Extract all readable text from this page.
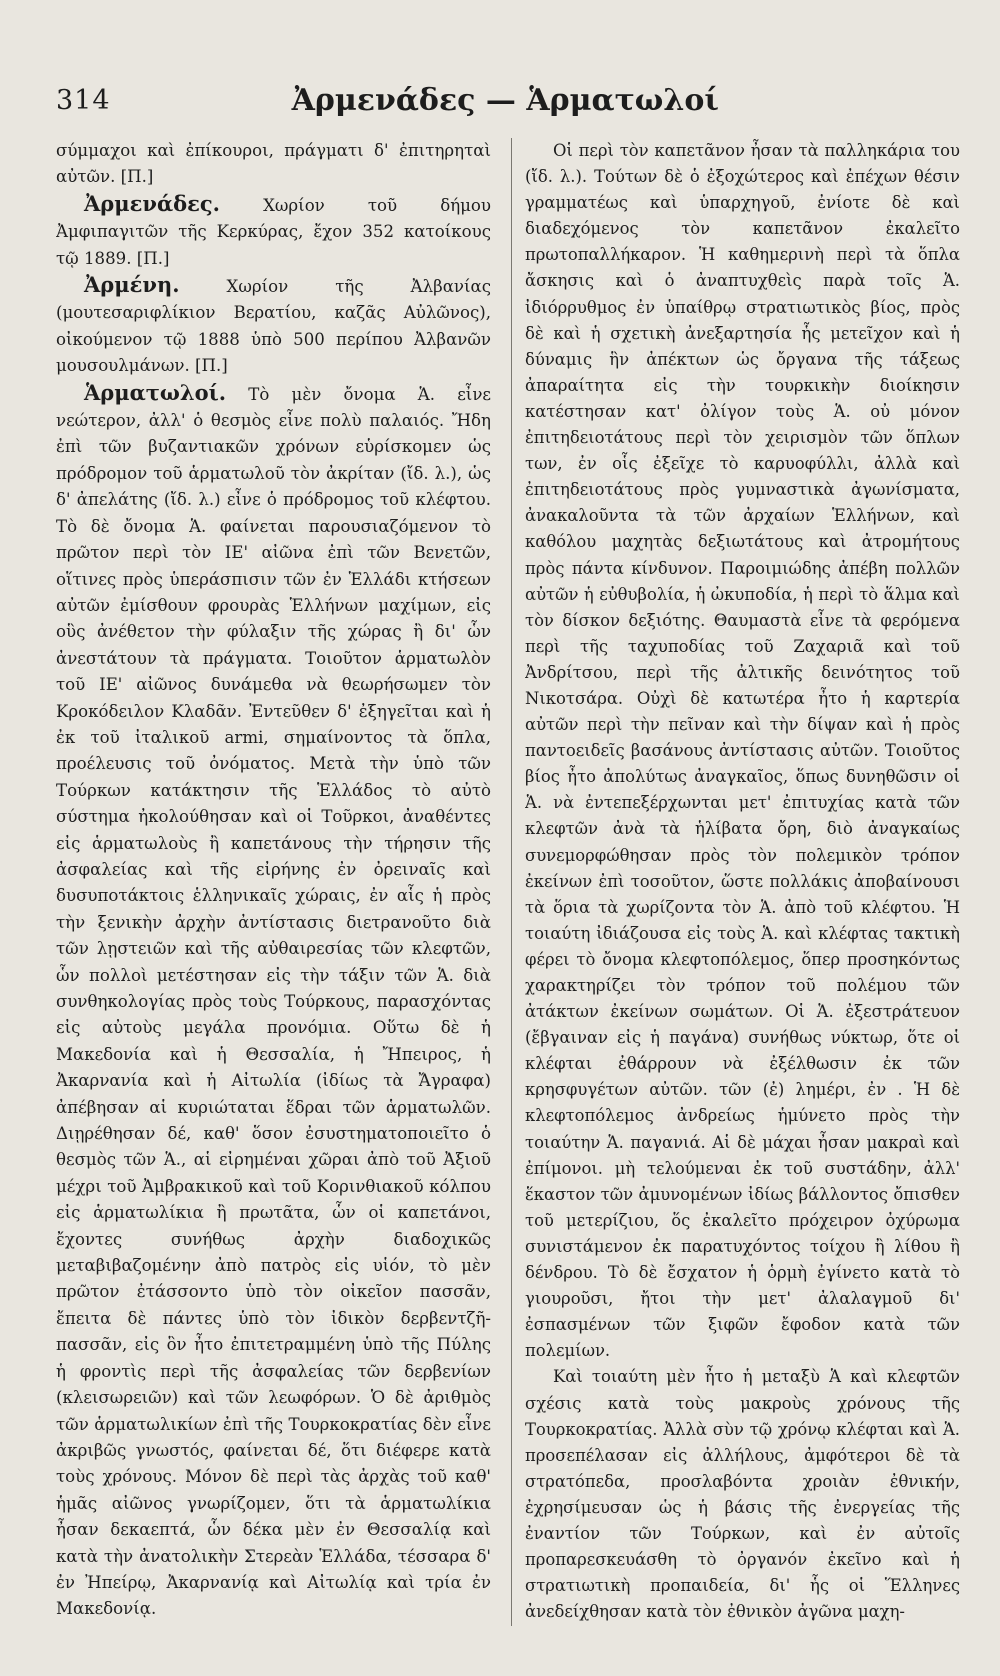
314	Ἀρμενάδες — Ἁρματωλοί

σύμμαχοι καὶ ἐπίκουροι, πράγματι δ' ἐπιτηρηταὶ αὐτῶν. [Π.]

Ἀρμενάδες. Χωρίον τοῦ δήμου Ἀμφιπαγιτῶν τῆς Κερκύρας, ἔχον 352 κατοίκους τῷ 1889. [Π.]

Ἀρμένη. Χωρίον τῆς Ἀλβανίας (μουτεσαριφλίκιον Βερατίου, καζᾶς Αὐλῶνος), οἰκούμενον τῷ 1888 ὑπὸ 500 περίπου Ἀλβανῶν μουσουλμάνων. [Π.]

Ἁρματωλοί. Τὸ μὲν ὄνομα Ἁ. εἶνε νεώτερον, ἀλλ' ὁ θεσμὸς εἶνε πολὺ παλαιός. Ἤδη ἐπὶ τῶν βυζαντιακῶν χρόνων εὑρίσκομεν ὡς πρόδρομον τοῦ ἁρματωλοῦ τὸν ἀκρίταν (ἴδ. λ.), ὡς δ' ἀπελάτης (ἴδ. λ.) εἶνε ὁ πρόδρομος τοῦ κλέφτου. Τὸ δὲ ὄνομα Ἁ. φαίνεται παρουσιαζόμενον τὸ πρῶτον περὶ τὸν ΙΕ' αἰῶνα ἐπὶ τῶν Βενετῶν, οἵτινες πρὸς ὑπεράσπισιν τῶν ἐν Ἑλλάδι κτήσεων αὐτῶν ἐμίσθουν φρουρὰς Ἑλλήνων μαχίμων, εἰς οὓς ἀνέθετον τὴν φύλαξιν τῆς χώρας ἢ δι' ὧν ἀνεστάτουν τὰ πράγματα. Τοιοῦτον ἁρματωλὸν τοῦ ΙΕ' αἰῶνος δυνάμεθα νὰ θεωρήσωμεν τὸν Κροκόδειλον Κλαδᾶν. Ἐντεῦθεν δ' ἐξηγεῖται καὶ ἡ ἐκ τοῦ ἰταλικοῦ armi, σημαίνοντος τὰ ὅπλα, προέλευσις τοῦ ὀνόματος. Μετὰ τὴν ὑπὸ τῶν Τούρκων κατάκτησιν τῆς Ἑλλάδος τὸ αὐτὸ σύστημα ἠκολούθησαν καὶ οἱ Τοῦρκοι, ἀναθέντες εἰς ἁρματωλοὺς ἢ καπετάνους τὴν τήρησιν τῆς ἀσφαλείας καὶ τῆς εἰρήνης ἐν ὀρειναῖς καὶ δυσυποτάκτοις ἑλληνικαῖς χώραις, ἐν αἷς ἡ πρὸς τὴν ξενικὴν ἀρχὴν ἀντίστασις διετρανοῦτο διὰ τῶν λῃστειῶν καὶ τῆς αὐθαιρεσίας τῶν κλεφτῶν, ὧν πολλοὶ μετέστησαν εἰς τὴν τάξιν τῶν Ἁ. διὰ συνθηκολογίας πρὸς τοὺς Τούρκους, παρασχόντας εἰς αὐτοὺς μεγάλα προνόμια. Οὕτω δὲ ἡ Μακεδονία καὶ ἡ Θεσσαλία, ἡ Ἤπειρος, ἡ Ἀκαρνανία καὶ ἡ Αἰτωλία (ἰδίως τὰ Ἄγραφα) ἀπέβησαν αἱ κυριώταται ἕδραι τῶν ἁρματωλῶν. Διῃρέθησαν δέ, καθ' ὅσον ἐσυστηματοποιεῖτο ὁ θεσμὸς τῶν Ἁ., αἱ εἰρημέναι χῶραι ἀπὸ τοῦ Ἀξιοῦ μέχρι τοῦ Ἀμβρακικοῦ καὶ τοῦ Κορινθιακοῦ κόλπου εἰς ἁρματωλίκια ἢ πρωτᾶτα, ὧν οἱ καπετάνοι, ἔχοντες συνήθως ἀρχὴν διαδοχικῶς μεταβιβαζομένην ἀπὸ πατρὸς εἰς υἱόν, τὸ μὲν πρῶτον ἐτάσσοντο ὑπὸ τὸν οἰκεῖον πασσᾶν, ἔπειτα δὲ πάντες ὑπὸ τὸν ἰδικὸν δερβεντζῆ-πασσᾶν, εἰς ὃν ἦτο ἐπιτετραμμένη ὑπὸ τῆς Πύλης ἡ φροντὶς περὶ τῆς ἀσφαλείας τῶν δερβενίων (κλεισωρειῶν) καὶ τῶν λεωφόρων. Ὁ δὲ ἀριθμὸς τῶν ἁρματωλικίων ἐπὶ τῆς Τουρκοκρατίας δὲν εἶνε ἀκριβῶς γνωστός, φαίνεται δέ, ὅτι διέφερε κατὰ τοὺς χρόνους. Μόνον δὲ περὶ τὰς ἀρχὰς τοῦ καθ' ἡμᾶς αἰῶνος γνωρίζομεν, ὅτι τὰ ἁρματωλίκια ἦσαν δεκαεπτά, ὧν δέκα μὲν ἐν Θεσσαλίᾳ καὶ κατὰ τὴν ἀνατολικὴν Στερεὰν Ἑλλάδα, τέσσαρα δ' ἐν Ἠπείρῳ, Ἀκαρνανίᾳ καὶ Αἰτωλίᾳ καὶ τρία ἐν Μακεδονίᾳ.

Οἱ περὶ τὸν καπετᾶνον ἦσαν τὰ παλληκάρια του (ἴδ. λ.). Τούτων δὲ ὁ ἐξοχώτερος καὶ ἐπέχων θέσιν γραμματέως καὶ ὑπαρχηγοῦ, ἐνίοτε δὲ καὶ διαδεχόμενος τὸν καπετᾶνον ἐκαλεῖτο πρωτοπαλλήκαρον. Ἡ καθημερινὴ περὶ τὰ ὅπλα ἄσκησις καὶ ὁ ἀναπτυχθεὶς παρὰ τοῖς Ἁ. ἰδιόρρυθμος ἐν ὑπαίθρῳ στρατιωτικὸς βίος, πρὸς δὲ καὶ ἡ σχετικὴ ἀνεξαρτησία ἧς μετεῖχον καὶ ἡ δύναμις ἣν ἀπέκτων ὡς ὄργανα τῆς τάξεως ἀπαραίτητα εἰς τὴν τουρκικὴν διοίκησιν κατέστησαν κατ' ὀλίγον τοὺς Ἁ. οὐ μόνον ἐπιτηδειοτάτους περὶ τὸν χειρισμὸν τῶν ὅπλων των, ἐν οἷς ἐξεῖχε τὸ καρυοφύλλι, ἀλλὰ καὶ ἐπιτηδειοτάτους πρὸς γυμναστικὰ ἀγωνίσματα, ἀνακαλοῦντα τὰ τῶν ἀρχαίων Ἑλλήνων, καὶ καθόλου μαχητὰς δεξιωτάτους καὶ ἀτρομήτους πρὸς πάντα κίνδυνον. Παροιμιώδης ἀπέβη πολλῶν αὐτῶν ἡ εὐθυβολία, ἡ ὠκυποδία, ἡ περὶ τὸ ἅλμα καὶ τὸν δίσκον δεξιότης. Θαυμαστὰ εἶνε τὰ φερόμενα περὶ τῆς ταχυποδίας τοῦ Ζαχαριᾶ καὶ τοῦ Ἀνδρίτσου, περὶ τῆς ἀλτικῆς δεινότητος τοῦ Νικοτσάρα. Οὐχὶ δὲ κατωτέρα ἦτο ἡ καρτερία αὐτῶν περὶ τὴν πεῖναν καὶ τὴν δίψαν καὶ ἡ πρὸς παντοειδεῖς βασάνους ἀντίστασις αὐτῶν. Τοιοῦτος βίος ἦτο ἀπολύτως ἀναγκαῖος, ὅπως δυνηθῶσιν οἱ Ἁ. νὰ ἐντεπεξέρχωνται μετ' ἐπιτυχίας κατὰ τῶν κλεφτῶν ἀνὰ τὰ ἡλίβατα ὄρη, διὸ ἀναγκαίως συνεμορφώθησαν πρὸς τὸν πολεμικὸν τρόπον ἐκείνων ἐπὶ τοσοῦτον, ὥστε πολλάκις ἀποβαίνουσι τὰ ὅρια τὰ χωρίζοντα τὸν Ἁ. ἀπὸ τοῦ κλέφτου. Ἡ τοιαύτη ἰδιάζουσα εἰς τοὺς Ἁ. καὶ κλέφτας τακτικὴ φέρει τὸ ὄνομα κλεφτοπόλεμος, ὅπερ προσηκόντως χαρακτηρίζει τὸν τρόπον τοῦ πολέμου τῶν ἀτάκτων ἐκείνων σωμάτων. Οἱ Ἁ. ἐξεστράτευον (ἔβγαιναν εἰς ἡ παγάνα) συνήθως νύκτωρ, ὅτε οἱ κλέφται ἐθάρρουν νὰ ἐξέλθωσιν ἐκ τῶν κρησφυγέτων αὐτῶν. τῶν (ἐ) λημέρι, ἐν . Ἡ δὲ κλεφτοπόλεμος ἀνδρείως ἡμύνετο πρὸς τὴν τοιαύτην Ἁ. παγανιά. Αἱ δὲ μάχαι ἦσαν μακραὶ καὶ ἐπίμονοι. μὴ τελούμεναι ἐκ τοῦ συστάδην, ἀλλ' ἕκαστον τῶν ἀμυνομένων ἰδίως βάλλοντος ὄπισθεν τοῦ μετερίζιου, ὅς ἐκαλεῖτο πρόχειρον ὀχύρωμα συνιστάμενον ἐκ παρατυχόντος τοίχου ἢ λίθου ἢ δένδρου. Τὸ δὲ ἔσχατον ἡ ὁρμὴ ἐγίνετο κατὰ τὸ γιουροῦσι, ἤτοι τὴν μετ' ἀλαλαγμοῦ δι' ἐσπασμένων τῶν ξιφῶν ἔφοδον κατὰ τῶν πολεμίων.

Καὶ τοιαύτη μὲν ἦτο ἡ μεταξὺ Ἁ καὶ κλεφτῶν σχέσις κατὰ τοὺς μακροὺς χρόνους τῆς Τουρκοκρατίας. Ἀλλὰ σὺν τῷ χρόνῳ κλέφται καὶ Ἁ. προσεπέλασαν εἰς ἀλλήλους, ἀμφότεροι δὲ τὰ στρατόπεδα, προσλαβόντα χροιὰν ἐθνικήν, ἐχρησίμευσαν ὡς ἡ βάσις τῆς ἐνεργείας τῆς ἐναντίον τῶν Τούρκων, καὶ ἐν αὐτοῖς προπαρεσκευάσθη τὸ ὀργανόν ἐκεῖνο καὶ ἡ στρατιωτικὴ προπαιδεία, δι' ἧς οἱ Ἕλληνες ἀνεδείχθησαν κατὰ τὸν ἐθνικὸν ἀγῶνα μαχη-
